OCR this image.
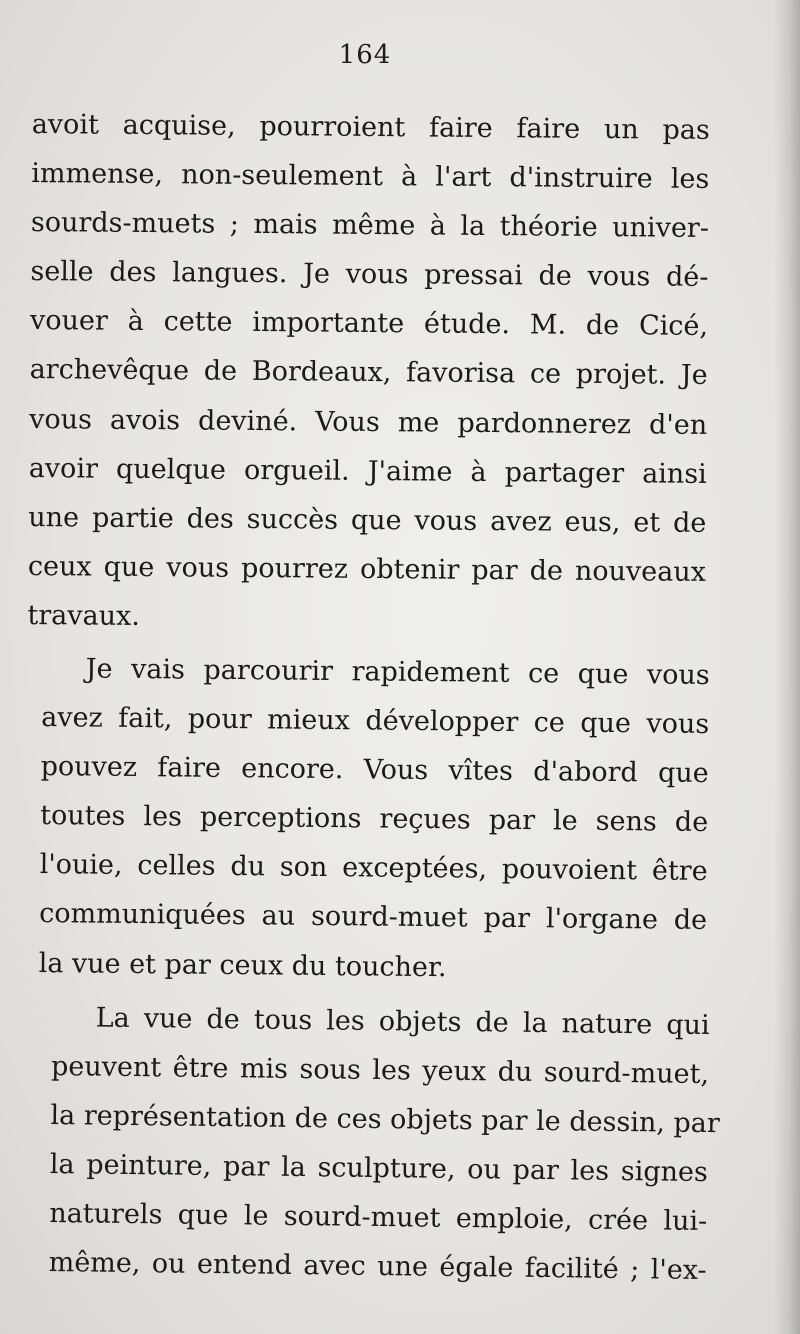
164
avoit acquise, pourroient faire faire un pas
immense, non-seulement à l'art d'instruire les
sourds-muets ; mais même à la théorie univer-
selle des langues. Je vous pressai de vous dé-
vouer à cette importante étude. M. de Cicé,
archevêque de Bordeaux, favorisa ce projet. Je
vous avois deviné. Vous me pardonnerez d'en
avoir quelque orgueil. J'aime à partager ainsi
une partie des succès que vous avez eus, et de
ceux que vous pourrez obtenir par de nouveaux
travaux.
Je vais parcourir rapidement ce que vous
avez fait, pour mieux développer ce que vous
pouvez faire encore. Vous vîtes d'abord que
toutes les perceptions reçues par le sens de
l'ouie, celles du son exceptées, pouvoient être
communiquées au sourd-muet par l'organe de
la vue et par ceux du toucher.
La vue de tous les objets de la nature qui
peuvent être mis sous les yeux du sourd-muet,
la représentation de ces objets par le dessin, par
la peinture, par la sculpture, ou par les signes
naturels que le sourd-muet emploie, crée lui-
même, ou entend avec une égale facilité ; l'ex-
